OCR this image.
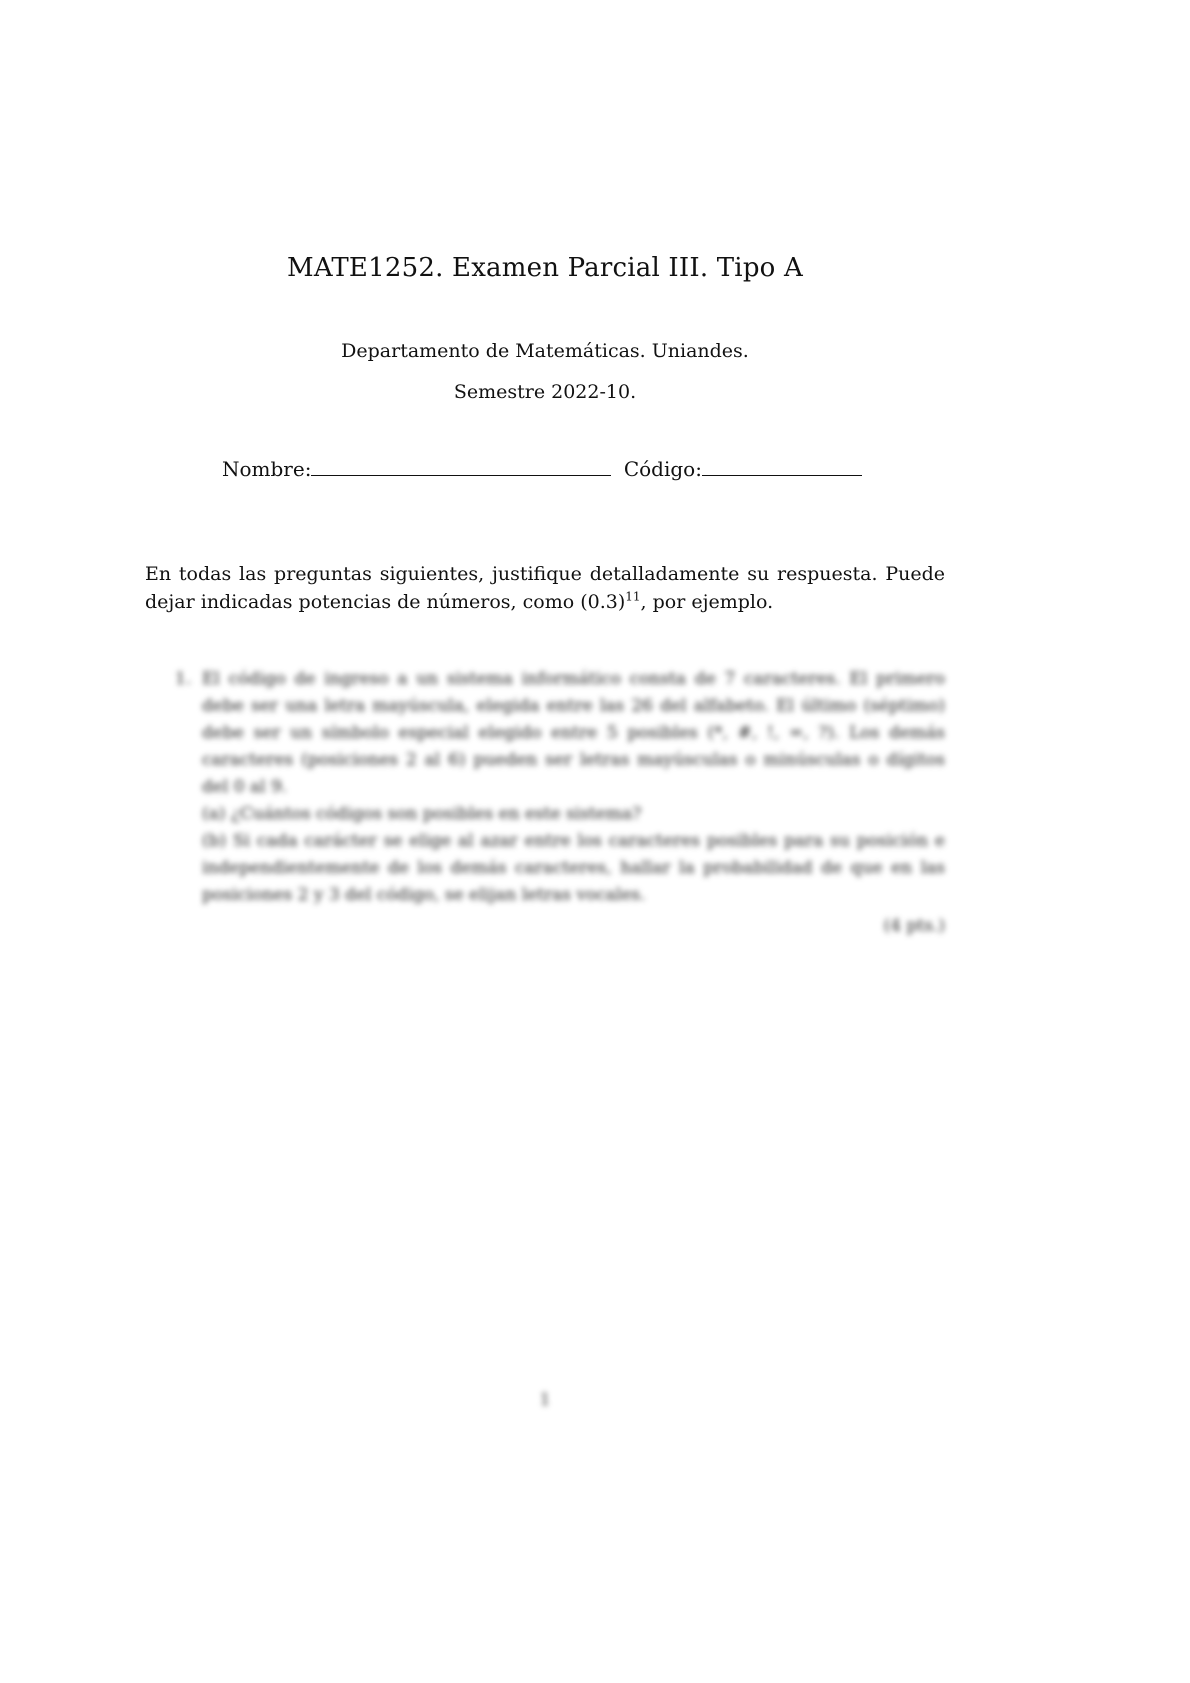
MATE1252. Examen Parcial III. Tipo A
Departamento de Matemáticas. Uniandes.
Semestre 2022-10.
Nombre:	Código:
En todas las preguntas siguientes, justifique detalladamente su respuesta. Puede dejar indicadas potencias de números, como $(0.3)^{11}$, por ejemplo.
1. El código de ingreso a un sistema informático consta de 7 caracteres. El primero debe ser una letra mayúscula, elegida entre las 26 del alfabeto. El último (séptimo) debe ser un símbolo especial elegido entre 5 posibles (*, #, !, =, ?). Los demás caracteres (posiciones 2 al 6) pueden ser letras mayúsculas o minúsculas o dígitos del 0 al 9.
(a) ¿Cuántos códigos son posibles en este sistema?
(b) Si cada carácter se elige al azar entre los caracteres posibles para su posición e independientemente de los demás caracteres, hallar la probabilidad de que en las posiciones 2 y 3 del código, se elijan letras vocales.
(4 pts.)
1
